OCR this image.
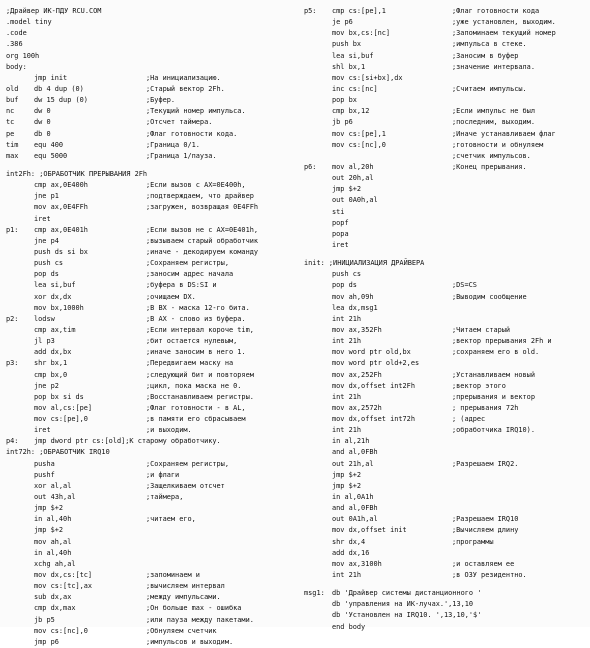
;Драйвер ИК-ПДУ RCU.COM
.model tiny
.code
.386
org 100h
body:
jmp init	;На инициализацию.
old db 4 dup (0)	;Старый вектор 2Fh.
buf dw 15 dup (0)	;Буфер.
nc	dw 0	;Текущий номер импульса.
tc	dw 0	;Отсчет таймера.
pe	db 0	;Флаг готовности кода.
tim equ 400	;Граница 0/1.
max equ 5000	;Граница 1/пауза.
int2Fh: ;ОБРАБОТЧИК ПРЕРЫВАНИЯ 2Fh
cmp ax,0E400h	;Если вызов с AX=0E400h,
jne p1	;подтверждаем, что драйвер
mov ax,0E4FFh	;загружен, возвращая 0E4FFh
iret
p1: cmp ax,0E401h	;Если вызов не с AX=0E401h,
jne p4	;вызываем старый обработчик
push ds si bx	;иначе - декодируем команду
push cs	;Сохраняем регистры,
pop ds	;заносим адрес начала
lea si,buf	;буфера в DS:SI и
xor dx,dx	;очищаем DX.
mov bx,1000h	;В BX - маска 12-го бита.
p2: lodsw	;В AX - слово из буфера.
cmp ax,tim	;Если интервал короче tim,
jl p3	;бит остается нулевым,
add dx,bx	;иначе заносим в него 1.
p3: shr bx,1	;Передвигаем маску на
cmp bx,0	;следующий бит и повторяем
jne p2	;цикл, пока маска не 0.
pop bx si ds	;Восстанавливаем регистры.
mov al,cs:[pe]	;Флаг готовности - в AL,
mov cs:[pe],0	;в памяти его сбрасываем
iret	;и выходим.
p4: jmp dword ptr cs:[old];К старому обработчику.
int72h: ;ОБРАБОТЧИК IRQ10
pusha	;Сохраняем регистры,
pushf	;и флаги
xor al,al	;Защелкиваем отсчет
out 43h,al	;таймера,
jmp $+2
in al,40h	;читаем его,
jmp $+2
mov ah,al
in al,40h
xchg ah,al
mov dx,cs:[tc]	;запоминаем и
mov cs:[tc],ax	;вычисляем интервал
sub dx,ax	;между импульсами.
cmp dx,max	;Он больше max - ошибка
jb p5	;или пауза между пакетами.
mov cs:[nc],0	;Обнуляем счетчик
jmp p6	;импульсов и выходим.
p5: cmp cs:[pe],1	;Флаг готовности кода
je p6	;уже установлен, выходим.
mov bx,cs:[nc]	;Запоминаем текущий номер
push bx	;импульса в стеке.
lea si,buf	;Заносим в буфер
shl bx,1	;значение интервала.
mov cs:[si+bx],dx
inc cs:[nc]	;Считаем импульсы.
pop bx
cmp bx,12	;Если импульс не был
jb p6	;последним, выходим.
mov cs:[pe],1	;Иначе устанавливаем флаг
mov cs:[nc],0	;готовности и обнуляем
;счетчик импульсов.
p6: mov al,20h	;Конец прерывания.
out 20h,al
jmp $+2
out 0A0h,al
sti
popf
popa
iret
init: ;ИНИЦИАЛИЗАЦИЯ ДРАЙВЕРА
push cs
pop ds	;DS=CS
mov ah,09h	;Выводим сообщение
lea dx,msg1
int 21h
mov ax,352Fh	;Читаем старый
int 21h	;вектор прерывания 2Fh и
mov word ptr old,bx	;сохраняем его в old.
mov word ptr old+2,es
mov ax,252Fh	;Устанавливаем новый
mov dx,offset int2Fh	;вектор этого
int 21h	;прерывания и вектор
mov ax,2572h	; прерывания 72h
mov dx,offset int72h	; (адрес
int 21h	;обработчика IRQ10).
in al,21h
and al,0FBh
out 21h,al	;Разрешаем IRQ2.
jmp $+2
jmp $+2
in al,0A1h
and al,0FBh
out 0A1h,al	;Разрешаем IRQ10
mov dx,offset init	;Вычисляем длину
shr dx,4	;программы
add dx,16
mov ax,3100h	;и оставляем ее
int 21h	;в ОЗУ резидентно.
msg1: db 'Драйвер системы дистанционного '
db 'управления на ИК-лучах.',13,10
db 'Установлен на IRQ10. ',13,10,'$'
end body
